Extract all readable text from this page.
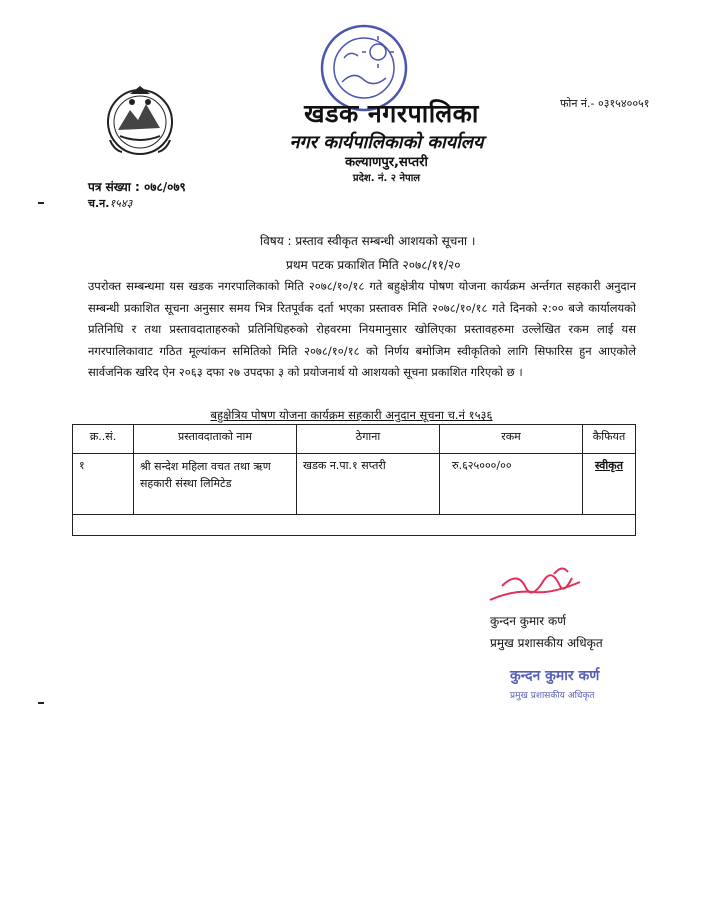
फोन नं.- ०३१५४००५१
खडक नगरपालिका
नगर कार्यपालिकाको कार्यालय
कल्याणपुर,सप्तरी
प्रदेश. नं. २ नेपाल
पत्र संख्या : ०७८/०७९
च.न.१५४३
विषय : प्रस्ताव स्वीकृत सम्बन्धी आशयको सूचना ।
प्रथम पटक प्रकाशित मिति २०७८/११/२०
उपरोक्त सम्बन्धमा यस खडक नगरपालिकाको मिति २०७८/१०/१८ गते बहुक्षेत्रीय पोषण योजना कार्यक्रम अर्न्तगत सहकारी अनुदान सम्बन्धी प्रकाशित सूचना अनुसार समय भित्र रितपूर्वक दर्ता भएका प्रस्तावरु मिति २०७८/१०/१८ गते दिनको २:०० बजे कार्यालयको प्रतिनिधि र तथा प्रस्तावदाताहरुको प्रतिनिधिहरुको रोहवरमा नियमानुसार खोलिएका प्रस्तावहरुमा उल्लेखित रकम लाई यस नगरपालिकावाट गठित मूल्यांकन समितिको मिति २०७८/१०/१८ को निर्णय बमोजिम स्वीकृतिको लागि सिफारिस हुन आएकोले सार्वजनिक खरिद ऐन २०६३ दफा २७ उपदफा ३ को प्रयोजनार्थ यो आशयको सूचना प्रकाशित गरिएको छ ।
बहुक्षेत्रिय पोषण योजना कार्यक्रम सहकारी अनुदान सूचना च.नं १५३६
क्र..सं.	प्रस्तावदाताको नाम	ठेगाना	रकम	कैफियत
१	श्री सन्देश महिला वचत तथा ऋण सहकारी संस्था लिमिटेड	खडक न.पा.१ सप्तरी	रु.६२५०००/००	स्वीकृत

कुन्दन कुमार कर्ण
प्रमुख प्रशासकीय अधिकृत
कुन्दन कुमार कर्ण
प्रमुख प्रशासकीय अधिकृत
